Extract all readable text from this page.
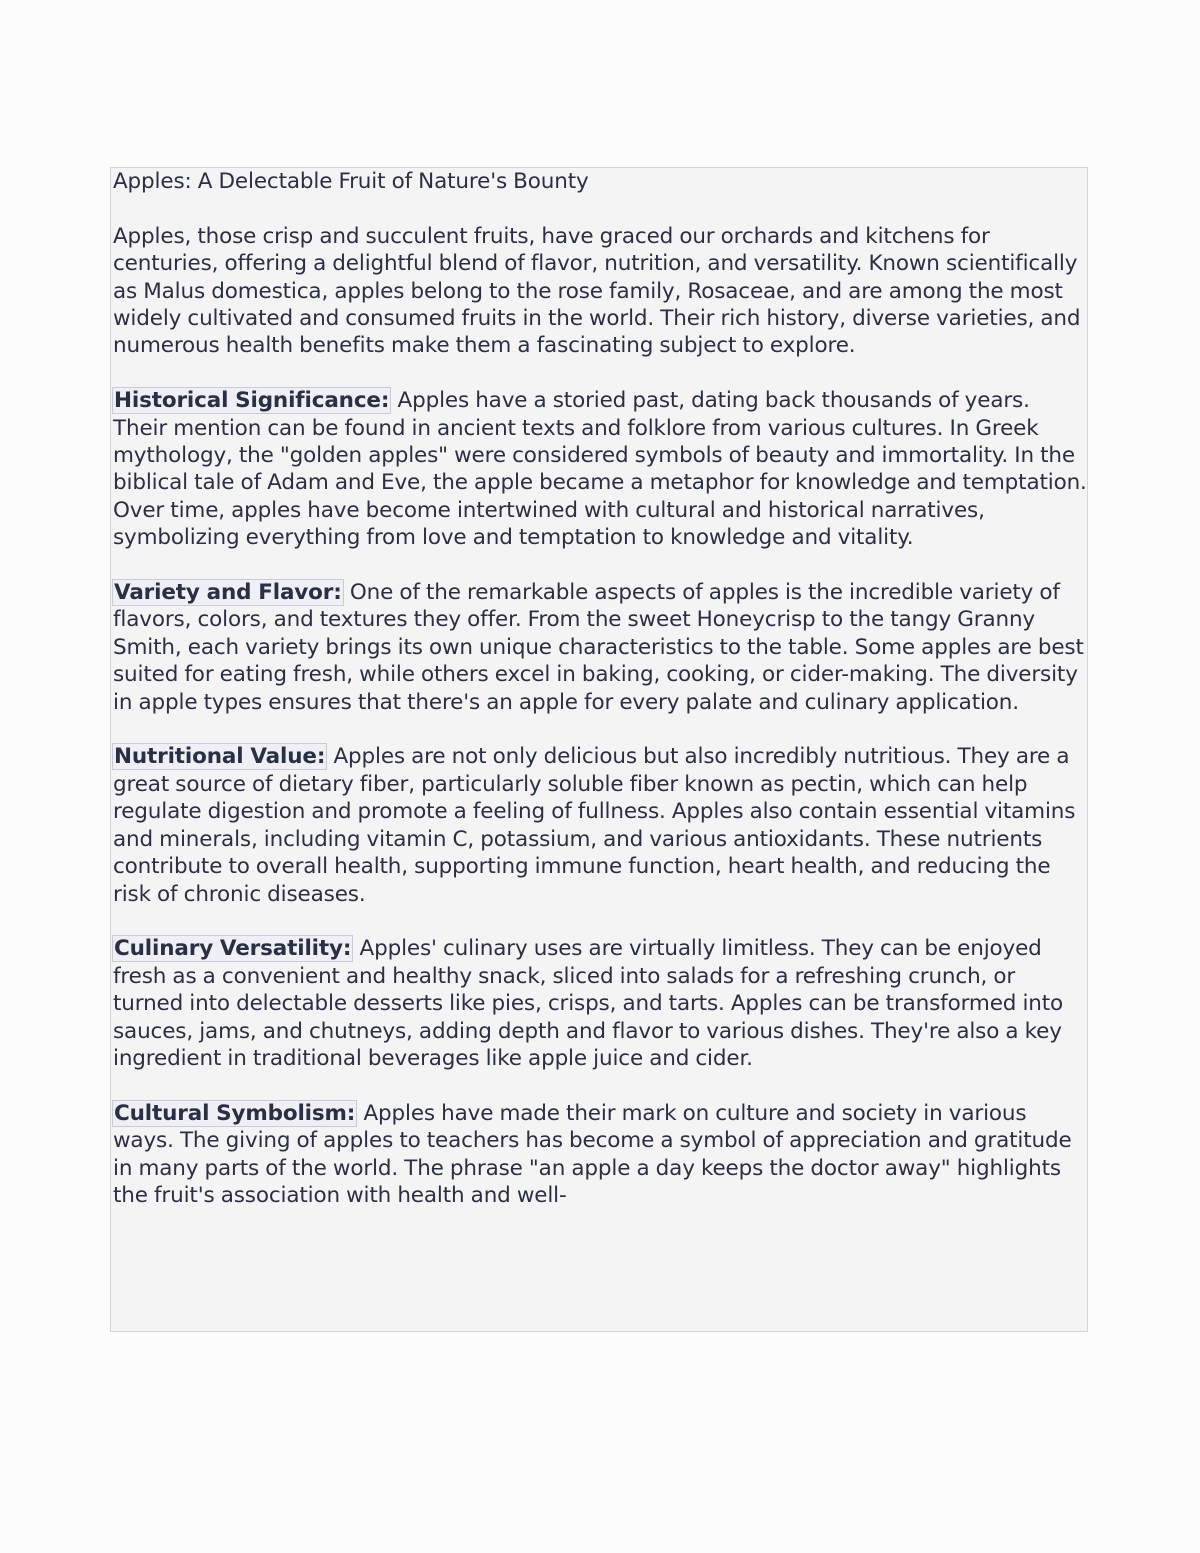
Apples: A Delectable Fruit of Nature's Bounty

Apples, those crisp and succulent fruits, have graced our orchards and kitchens for centuries, offering a delightful blend of flavor, nutrition, and versatility. Known scientifically as Malus domestica, apples belong to the rose family, Rosaceae, and are among the most widely cultivated and consumed fruits in the world. Their rich history, diverse varieties, and numerous health benefits make them a fascinating subject to explore.

Historical Significance: Apples have a storied past, dating back thousands of years. Their mention can be found in ancient texts and folklore from various cultures. In Greek mythology, the "golden apples" were considered symbols of beauty and immortality. In the biblical tale of Adam and Eve, the apple became a metaphor for knowledge and temptation. Over time, apples have become intertwined with cultural and historical narratives, symbolizing everything from love and temptation to knowledge and vitality.

Variety and Flavor: One of the remarkable aspects of apples is the incredible variety of flavors, colors, and textures they offer. From the sweet Honeycrisp to the tangy Granny Smith, each variety brings its own unique characteristics to the table. Some apples are best suited for eating fresh, while others excel in baking, cooking, or cider-making. The diversity in apple types ensures that there's an apple for every palate and culinary application.

Nutritional Value: Apples are not only delicious but also incredibly nutritious. They are a great source of dietary fiber, particularly soluble fiber known as pectin, which can help regulate digestion and promote a feeling of fullness. Apples also contain essential vitamins and minerals, including vitamin C, potassium, and various antioxidants. These nutrients contribute to overall health, supporting immune function, heart health, and reducing the risk of chronic diseases.

Culinary Versatility: Apples' culinary uses are virtually limitless. They can be enjoyed fresh as a convenient and healthy snack, sliced into salads for a refreshing crunch, or turned into delectable desserts like pies, crisps, and tarts. Apples can be transformed into sauces, jams, and chutneys, adding depth and flavor to various dishes. They're also a key ingredient in traditional beverages like apple juice and cider.

Cultural Symbolism: Apples have made their mark on culture and society in various ways. The giving of apples to teachers has become a symbol of appreciation and gratitude in many parts of the world. The phrase "an apple a day keeps the doctor away" highlights the fruit's association with health and well-
